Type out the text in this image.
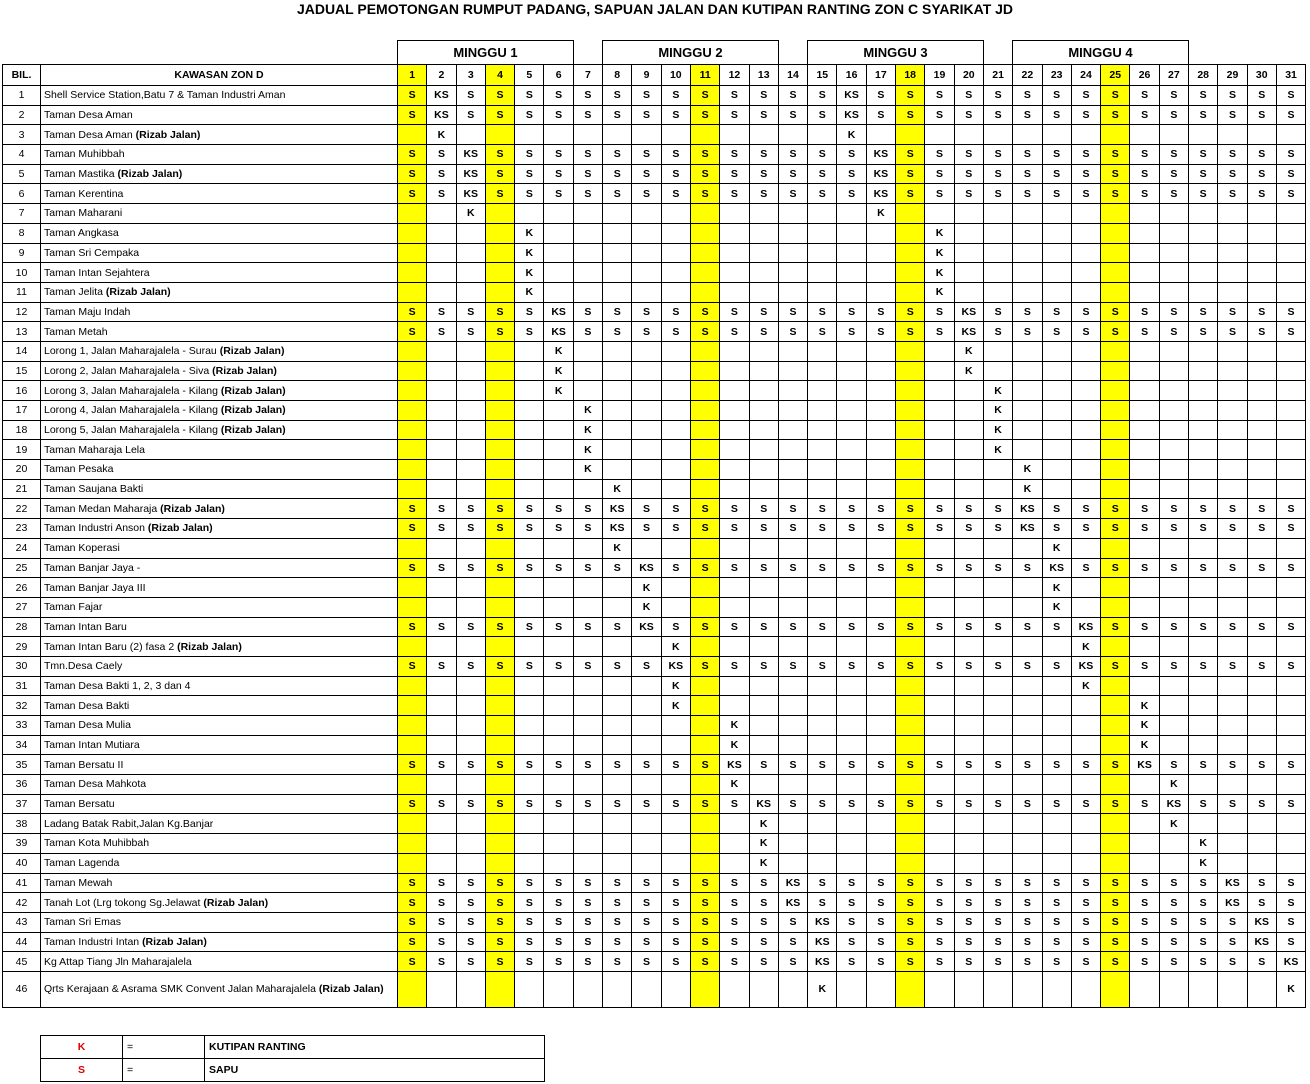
JADUAL PEMOTONGAN RUMPUT PADANG, SAPUAN JALAN DAN KUTIPAN RANTING ZON C SYARIKAT JD
MINGGU 1	MINGGU 2	MINGGU 3	MINGGU 4
BIL.	KAWASAN ZON D	1	2	3	4	5	6	7	8	9	10	11	12	13	14	15	16	17	18	19	20	21	22	23	24	25	26	27	28	29	30	31
1	Shell Service Station,Batu 7 & Taman Industri Aman	S	KS	S	S	S	S	S	S	S	S	S	S	S	S	S	KS	S	S	S	S	S	S	S	S	S	S	S	S	S	S	S
2	Taman Desa Aman	S	KS	S	S	S	S	S	S	S	S	S	S	S	S	S	KS	S	S	S	S	S	S	S	S	S	S	S	S	S	S	S
3	Taman Desa Aman (Rizab Jalan)		K														K															
4	Taman Muhibbah	S	S	KS	S	S	S	S	S	S	S	S	S	S	S	S	S	KS	S	S	S	S	S	S	S	S	S	S	S	S	S	S
5	Taman Mastika (Rizab Jalan)	S	S	KS	S	S	S	S	S	S	S	S	S	S	S	S	S	KS	S	S	S	S	S	S	S	S	S	S	S	S	S	S
6	Taman Kerentina	S	S	KS	S	S	S	S	S	S	S	S	S	S	S	S	S	KS	S	S	S	S	S	S	S	S	S	S	S	S	S	S
7	Taman Maharani			K														K														
8	Taman Angkasa					K														K												
9	Taman Sri Cempaka					K														K												
10	Taman Intan Sejahtera					K														K												
11	Taman Jelita (Rizab Jalan)					K														K												
12	Taman Maju Indah	S	S	S	S	S	KS	S	S	S	S	S	S	S	S	S	S	S	S	S	KS	S	S	S	S	S	S	S	S	S	S	S
13	Taman Metah	S	S	S	S	S	KS	S	S	S	S	S	S	S	S	S	S	S	S	S	KS	S	S	S	S	S	S	S	S	S	S	S
14	Lorong 1, Jalan Maharajalela - Surau (Rizab Jalan)						K														K											
15	Lorong 2, Jalan Maharajalela - Siva (Rizab Jalan)						K														K											
16	Lorong 3, Jalan Maharajalela - Kilang (Rizab Jalan)						K															K										
17	Lorong 4, Jalan Maharajalela - Kilang (Rizab Jalan)							K														K										
18	Lorong 5, Jalan Maharajalela - Kilang (Rizab Jalan)							K														K										
19	Taman Maharaja Lela							K														K										
20	Taman Pesaka							K															K									
21	Taman Saujana Bakti								K														K									
22	Taman Medan Maharaja (Rizab Jalan)	S	S	S	S	S	S	S	KS	S	S	S	S	S	S	S	S	S	S	S	S	S	KS	S	S	S	S	S	S	S	S	S
23	Taman Industri Anson (Rizab Jalan)	S	S	S	S	S	S	S	KS	S	S	S	S	S	S	S	S	S	S	S	S	S	KS	S	S	S	S	S	S	S	S	S
24	Taman Koperasi								K															K								
25	Taman Banjar Jaya -	S	S	S	S	S	S	S	S	KS	S	S	S	S	S	S	S	S	S	S	S	S	S	KS	S	S	S	S	S	S	S	S
26	Taman Banjar Jaya III									K														K								
27	Taman Fajar									K														K								
28	Taman Intan Baru	S	S	S	S	S	S	S	S	KS	S	S	S	S	S	S	S	S	S	S	S	S	S	S	KS	S	S	S	S	S	S	S
29	Taman Intan Baru (2) fasa 2 (Rizab Jalan)										K														K							
30	Tmn.Desa Caely	S	S	S	S	S	S	S	S	S	KS	S	S	S	S	S	S	S	S	S	S	S	S	S	KS	S	S	S	S	S	S	S
31	Taman Desa Bakti 1, 2, 3 dan 4										K														K							
32	Taman Desa Bakti										K																K					
33	Taman Desa Mulia												K														K					
34	Taman Intan Mutiara												K														K					
35	Taman Bersatu II	S	S	S	S	S	S	S	S	S	S	S	KS	S	S	S	S	S	S	S	S	S	S	S	S	S	KS	S	S	S	S	S
36	Taman Desa Mahkota												K															K				
37	Taman Bersatu	S	S	S	S	S	S	S	S	S	S	S	S	KS	S	S	S	S	S	S	S	S	S	S	S	S	S	KS	S	S	S	S
38	Ladang Batak Rabit,Jalan Kg.Banjar													K														K				
39	Taman Kota Muhibbah													K															K			
40	Taman Lagenda													K															K			
41	Taman Mewah	S	S	S	S	S	S	S	S	S	S	S	S	S	KS	S	S	S	S	S	S	S	S	S	S	S	S	S	S	KS	S	S
42	Tanah Lot (Lrg tokong Sg.Jelawat (Rizab Jalan)	S	S	S	S	S	S	S	S	S	S	S	S	S	KS	S	S	S	S	S	S	S	S	S	S	S	S	S	S	KS	S	S
43	Taman Sri Emas	S	S	S	S	S	S	S	S	S	S	S	S	S	S	KS	S	S	S	S	S	S	S	S	S	S	S	S	S	S	KS	S
44	Taman Industri Intan (Rizab Jalan)	S	S	S	S	S	S	S	S	S	S	S	S	S	S	KS	S	S	S	S	S	S	S	S	S	S	S	S	S	S	KS	S
45	Kg Attap Tiang Jln Maharajalela	S	S	S	S	S	S	S	S	S	S	S	S	S	S	KS	S	S	S	S	S	S	S	S	S	S	S	S	S	S	S	KS
46	Qrts Kerajaan & Asrama SMK Convent Jalan Maharajalela (Rizab Jalan)															K																K
K	=	KUTIPAN RANTING
S	=	SAPU
